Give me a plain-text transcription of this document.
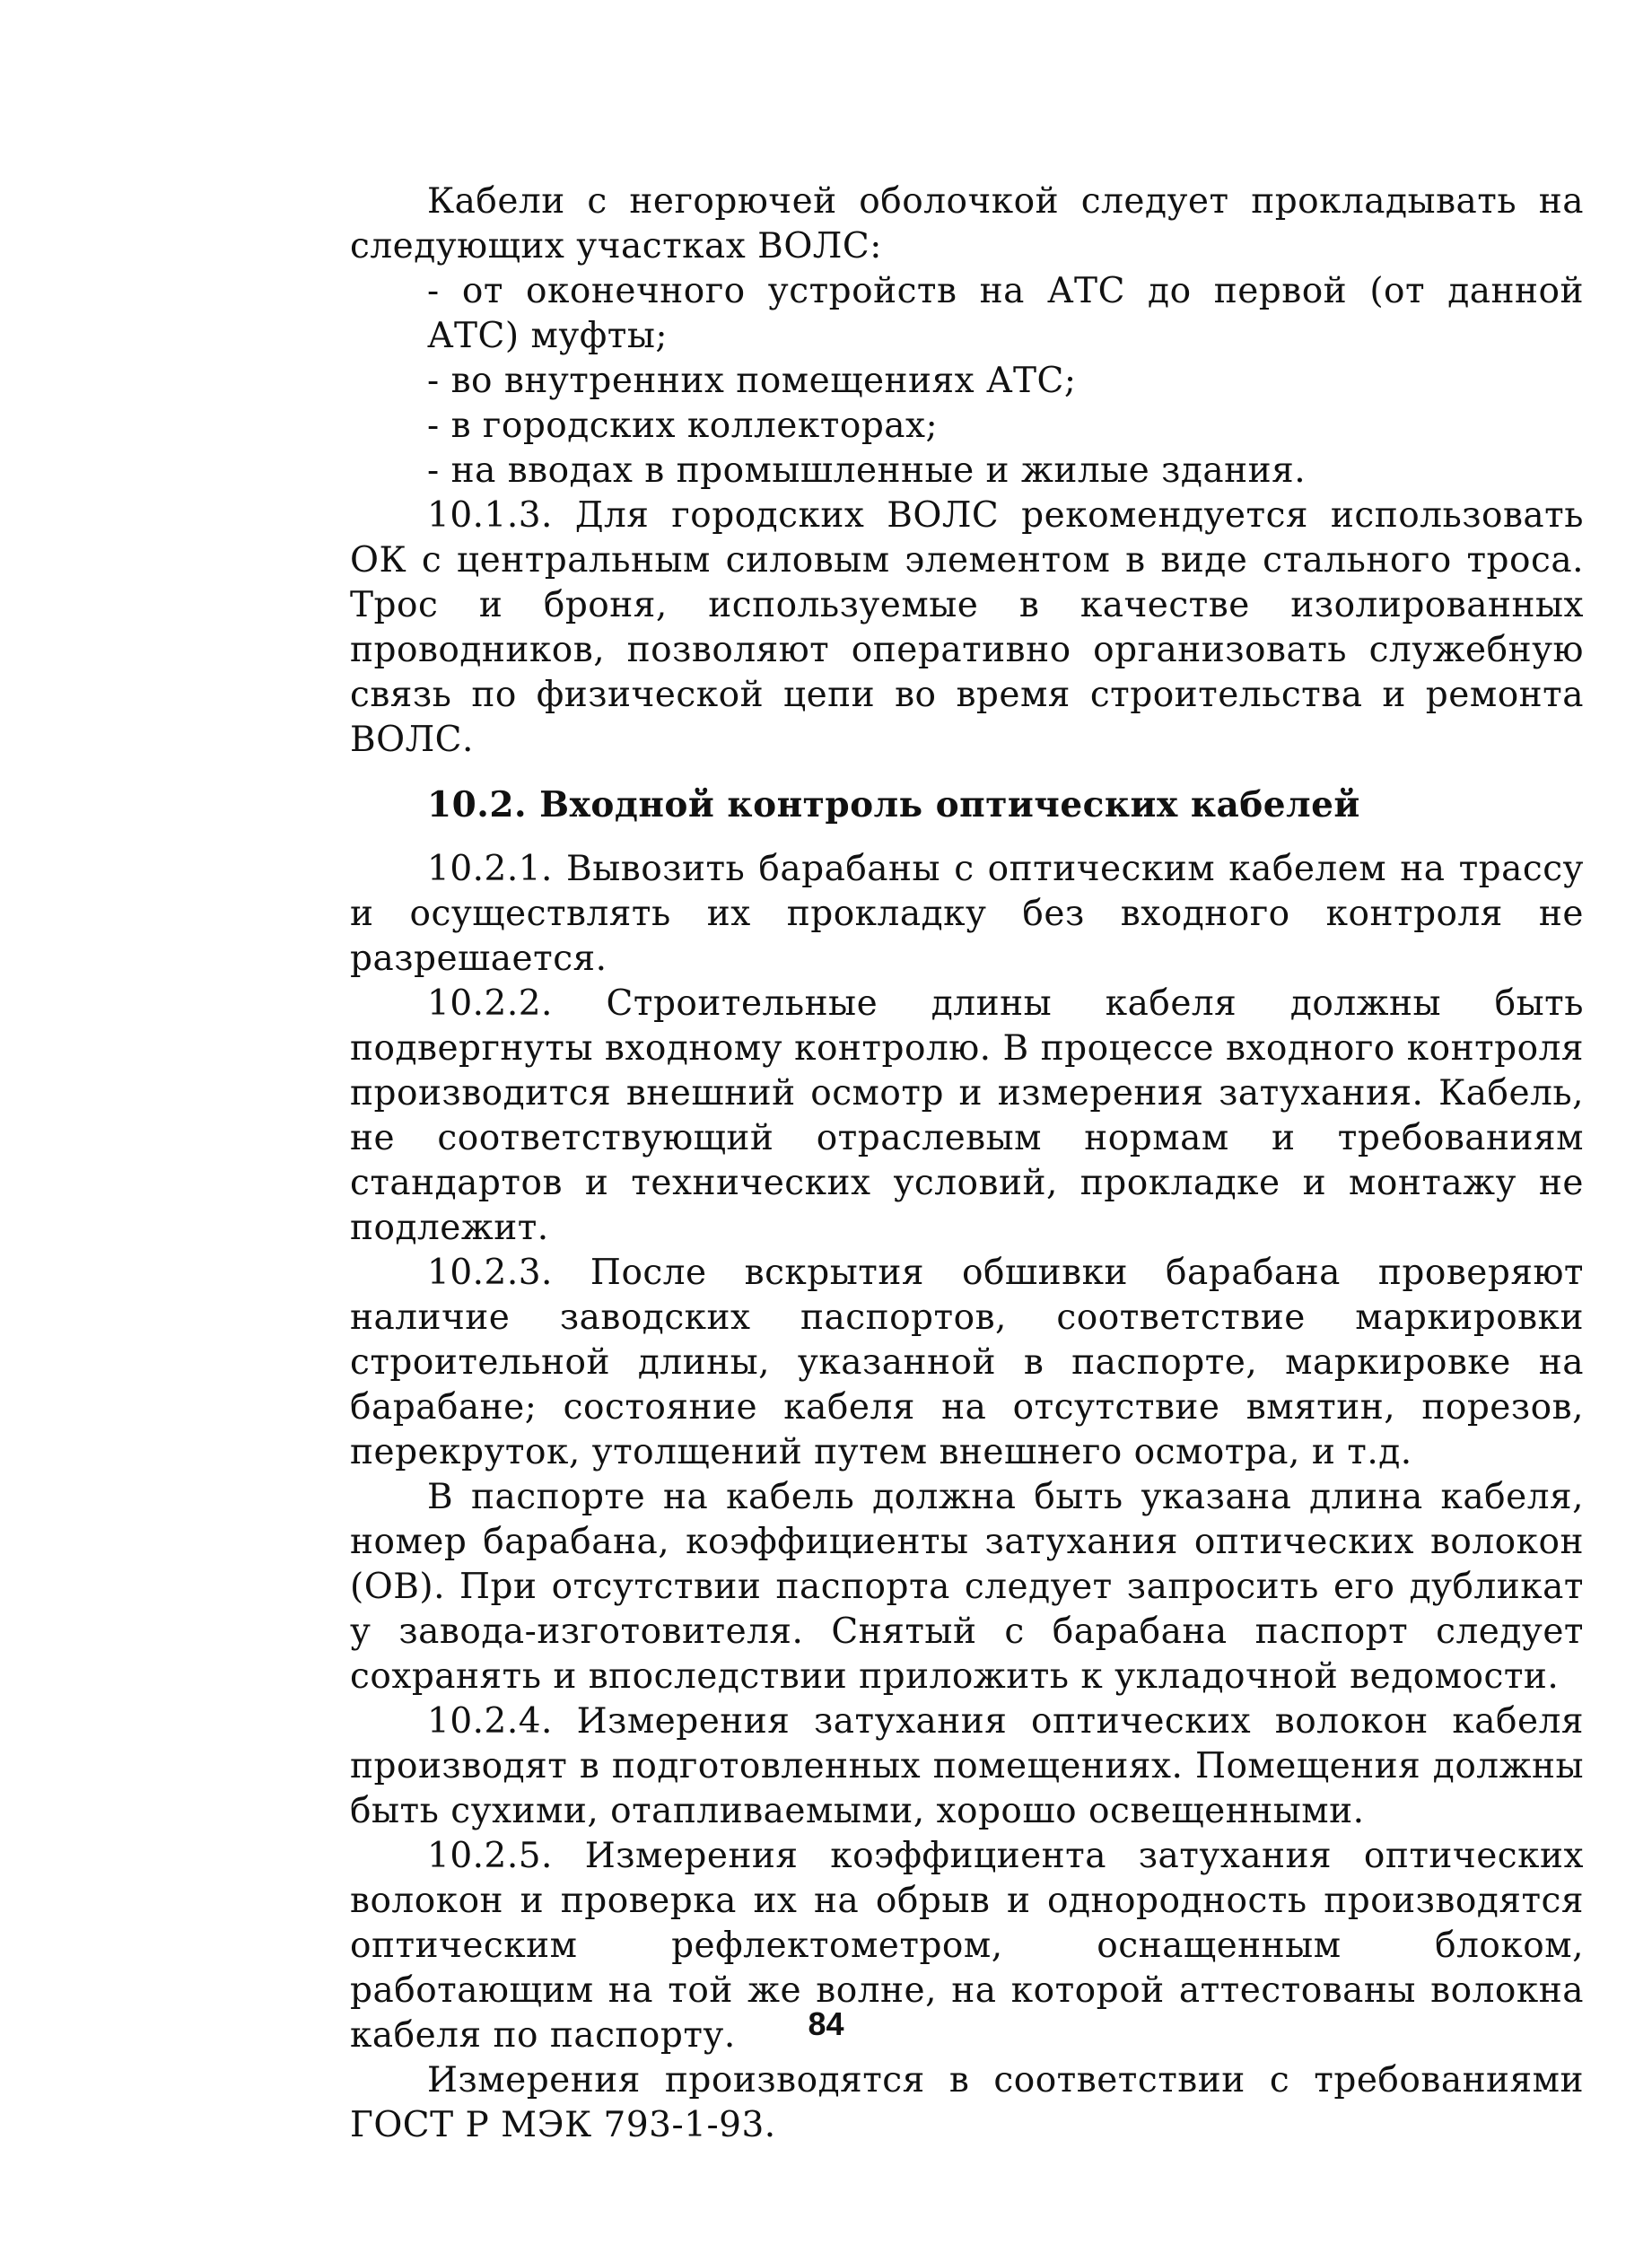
Кабели с негорючей оболочкой следует прокладывать на следующих участках ВОЛС:

- от оконечного устройств на АТС до первой (от данной АТС) муфты;

- во внутренних помещениях АТС;

- в городских коллекторах;

- на вводах в промышленные и жилые здания.

10.1.3. Для городских ВОЛС рекомендуется использовать ОК с центральным силовым элементом в виде стального троса. Трос и броня, используемые в качестве изолированных проводников, позволяют оперативно организовать служебную связь по физической цепи во время строительства и ремонта ВОЛС.

10.2. Входной контроль оптических кабелей

10.2.1. Вывозить барабаны с оптическим кабелем на трассу и осуществлять их прокладку без входного контроля не разрешается.

10.2.2. Строительные длины кабеля должны быть подвергнуты входному контролю. В процессе входного контроля производится внешний осмотр и измерения затухания. Кабель, не соответствующий отраслевым нормам и требованиям стандартов и технических условий, прокладке и монтажу не подлежит.

10.2.3. После вскрытия обшивки барабана проверяют наличие заводских паспортов, соответствие маркировки строительной длины, указанной в паспорте, маркировке на барабане; состояние кабеля на отсутствие вмятин, порезов, перекруток, утолщений путем внешнего осмотра, и т.д.

В паспорте на кабель должна быть указана длина кабеля, номер барабана, коэффициенты затухания оптических волокон (ОВ). При отсутствии паспорта следует запросить его дубликат у завода-изготовителя. Снятый с барабана паспорт следует сохранять и впоследствии приложить к укладочной ведомости.

10.2.4. Измерения затухания оптических волокон кабеля производят в подготовленных помещениях. Помещения должны быть сухими, отапливаемыми, хорошо освещенными.

10.2.5. Измерения коэффициента затухания оптических волокон и проверка их на обрыв и однородность производятся оптическим рефлектометром, оснащенным блоком, работающим на той же волне, на которой аттестованы волокна кабеля по паспорту.

Измерения производятся в соответствии с требованиями ГОСТ Р МЭК 793-1-93.

84
